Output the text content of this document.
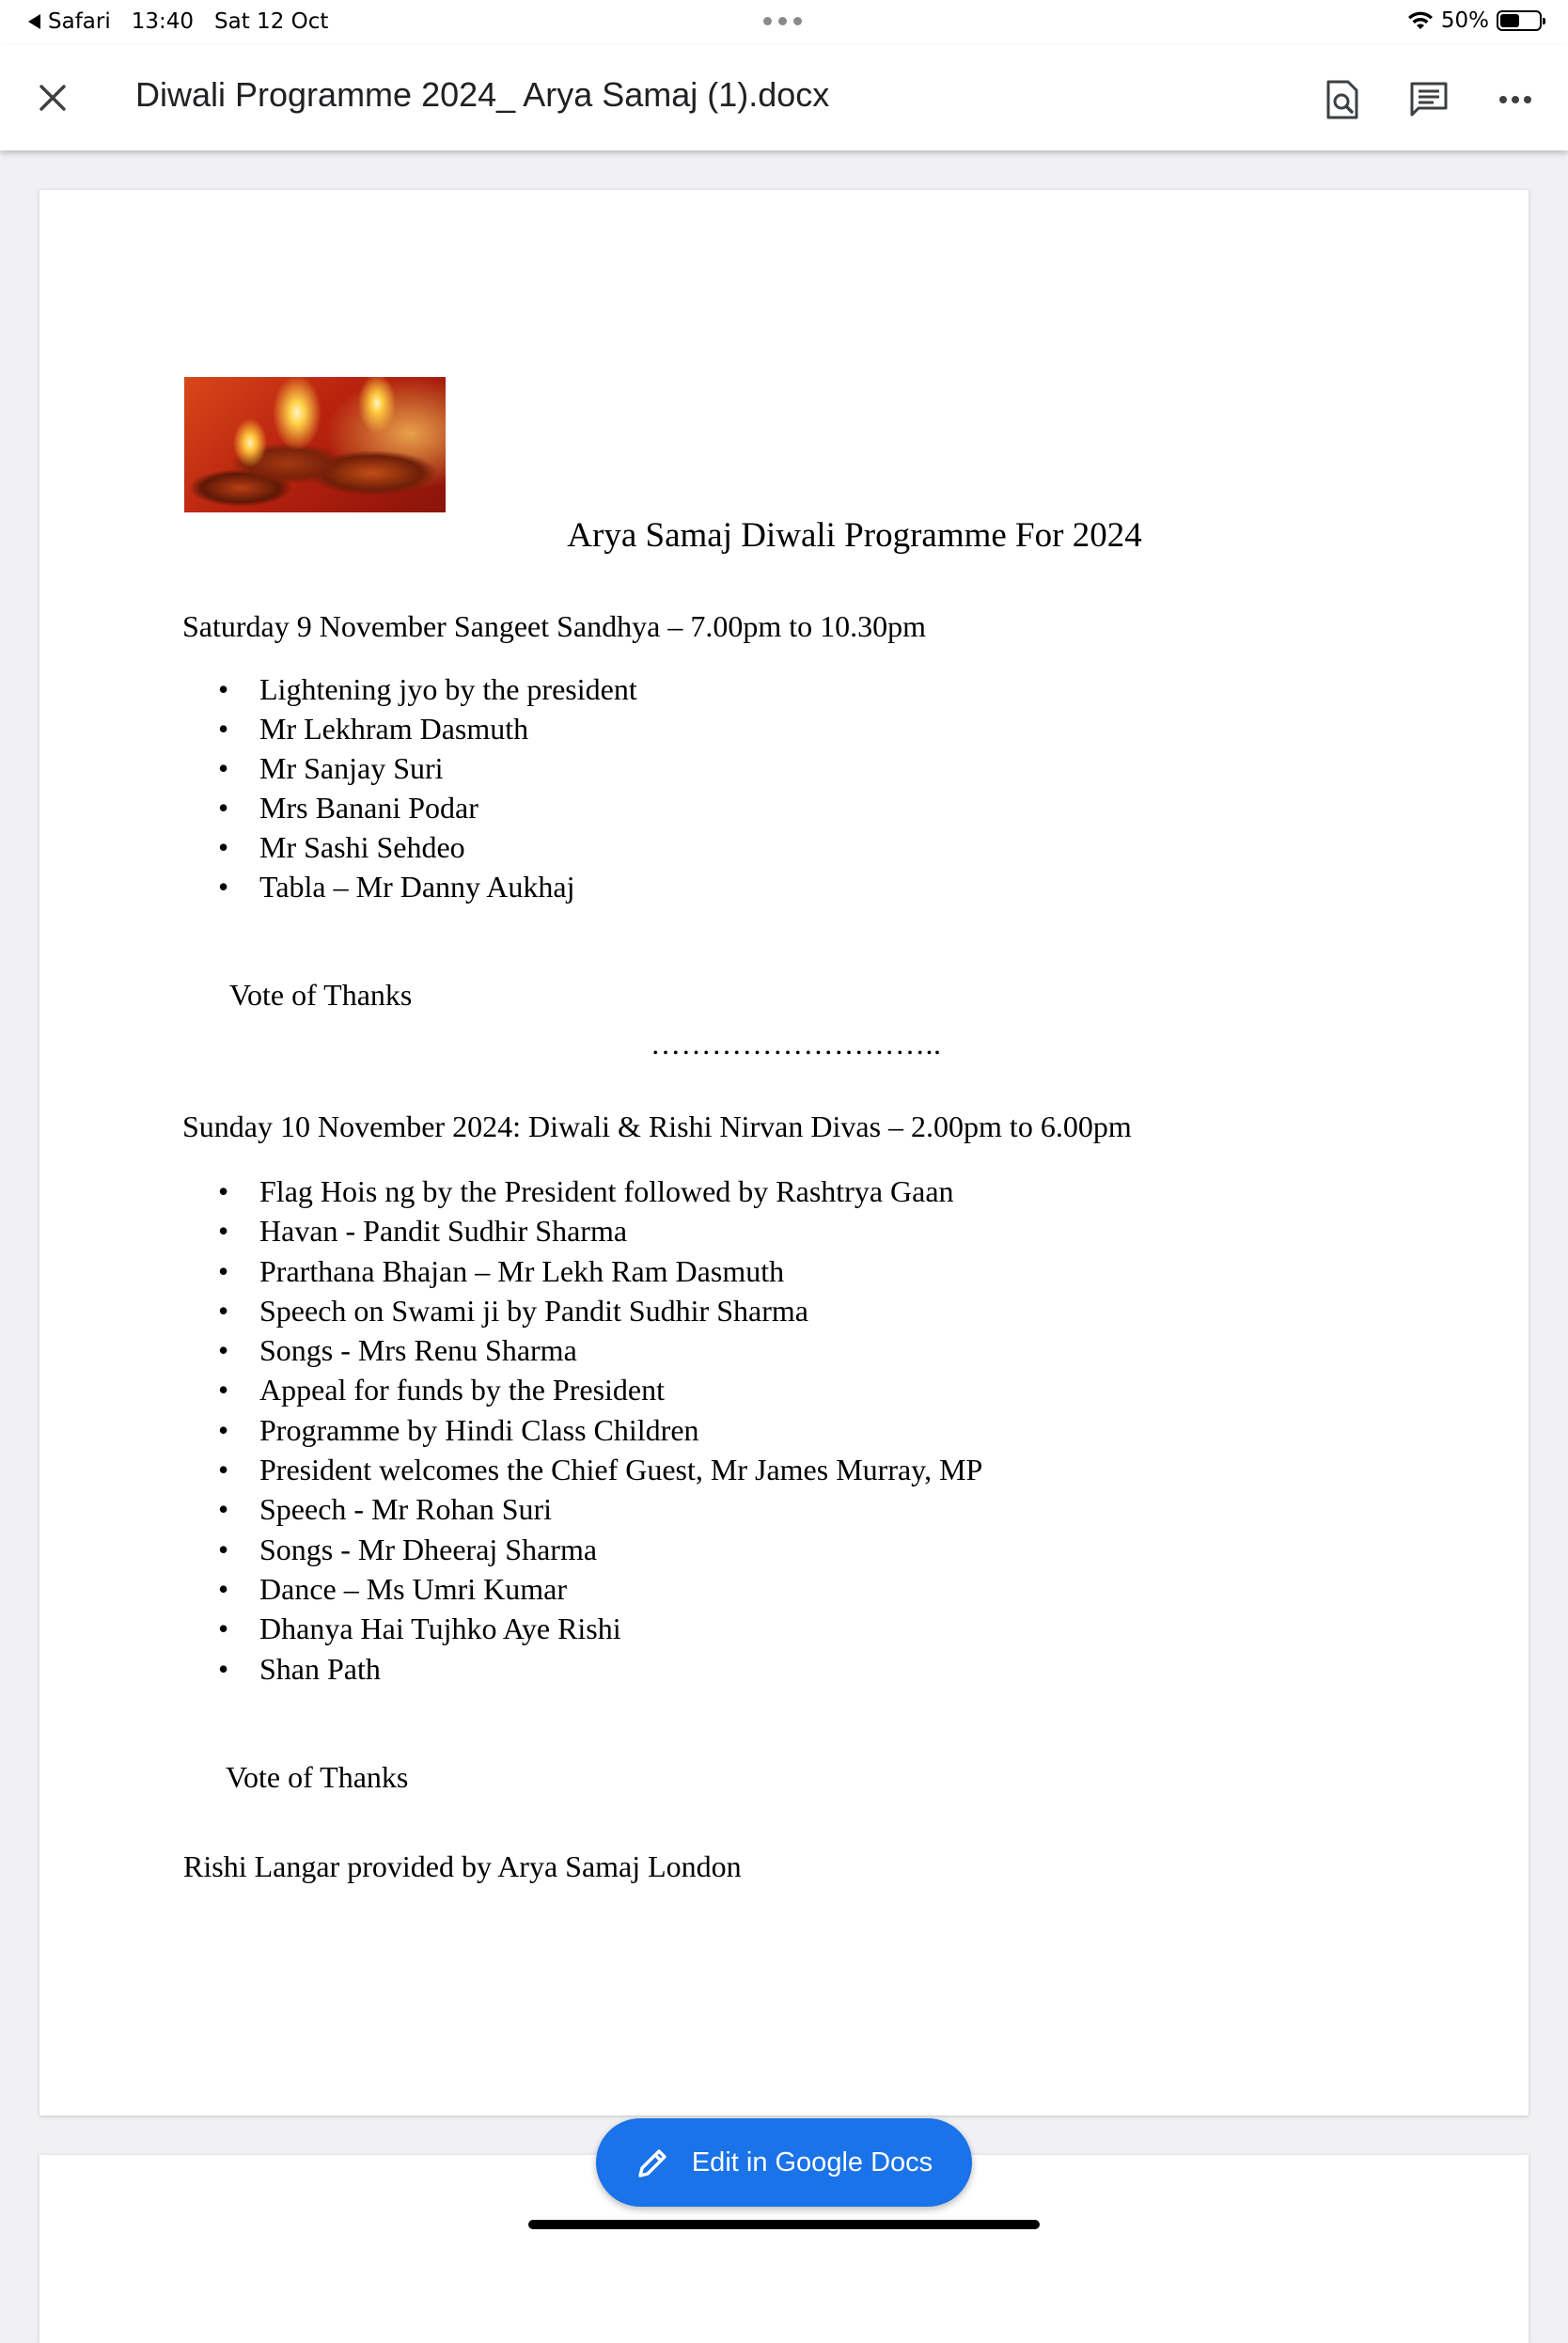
Safari 13:40 Sat 12 Oct	50%
Diwali Programme 2024_ Arya Samaj (1).docx
Arya Samaj Diwali Programme For 2024

Saturday 9 November Sangeet Sandhya – 7.00pm to 10.30pm

• Lightening jyo by the president
• Mr Lekhram Dasmuth
• Mr Sanjay Suri
• Mrs Banani Podar
• Mr Sashi Sehdeo
• Tabla – Mr Danny Aukhaj

Vote of Thanks

………………………..

Sunday 10 November 2024: Diwali & Rishi Nirvan Divas – 2.00pm to 6.00pm

• Flag Hois ng by the President followed by Rashtrya Gaan
• Havan - Pandit Sudhir Sharma
• Prarthana Bhajan – Mr Lekh Ram Dasmuth
• Speech on Swami ji by Pandit Sudhir Sharma
• Songs - Mrs Renu Sharma
• Appeal for funds by the President
• Programme by Hindi Class Children
• President welcomes the Chief Guest, Mr James Murray, MP
• Speech - Mr Rohan Suri
• Songs - Mr Dheeraj Sharma
• Dance – Ms Umri Kumar
• Dhanya Hai Tujhko Aye Rishi
• Shan Path

Vote of Thanks

Rishi Langar provided by Arya Samaj London

Edit in Google Docs
